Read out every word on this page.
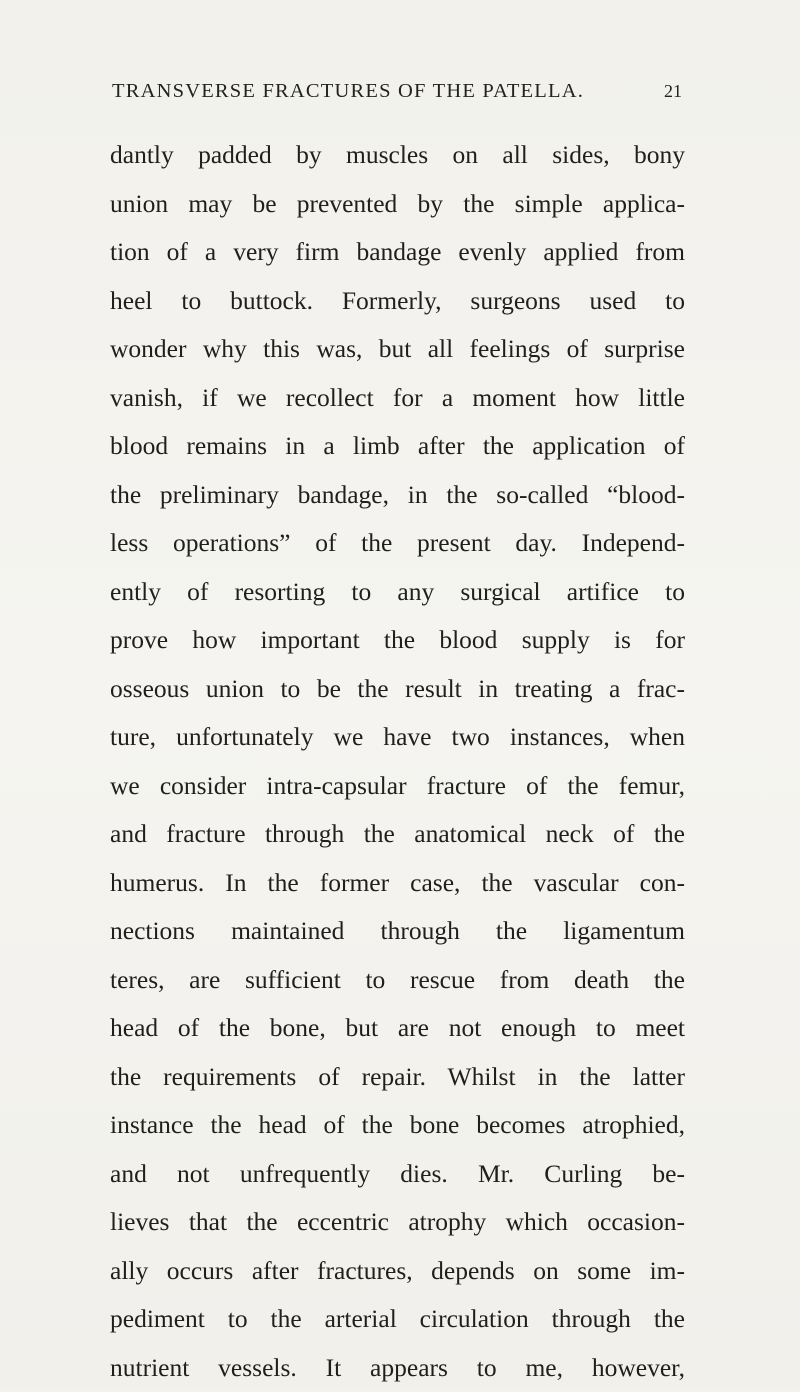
TRANSVERSE FRACTURES OF THE PATELLA.	21
dantly padded by muscles on all sides, bony
union may be prevented by the simple applica-
tion of a very firm bandage evenly applied from
heel to buttock. Formerly, surgeons used to
wonder why this was, but all feelings of surprise
vanish, if we recollect for a moment how little
blood remains in a limb after the application of
the preliminary bandage, in the so-called “blood-
less operations” of the present day. Independ-
ently of resorting to any surgical artifice to
prove how important the blood supply is for
osseous union to be the result in treating a frac-
ture, unfortunately we have two instances, when
we consider intra-capsular fracture of the femur,
and fracture through the anatomical neck of the
humerus. In the former case, the vascular con-
nections maintained through the ligamentum
teres, are sufficient to rescue from death the
head of the bone, but are not enough to meet
the requirements of repair. Whilst in the latter
instance the head of the bone becomes atrophied,
and not unfrequently dies. Mr. Curling be-
lieves that the eccentric atrophy which occasion-
ally occurs after fractures, depends on some im-
pediment to the arterial circulation through the
nutrient vessels. It appears to me, however,
